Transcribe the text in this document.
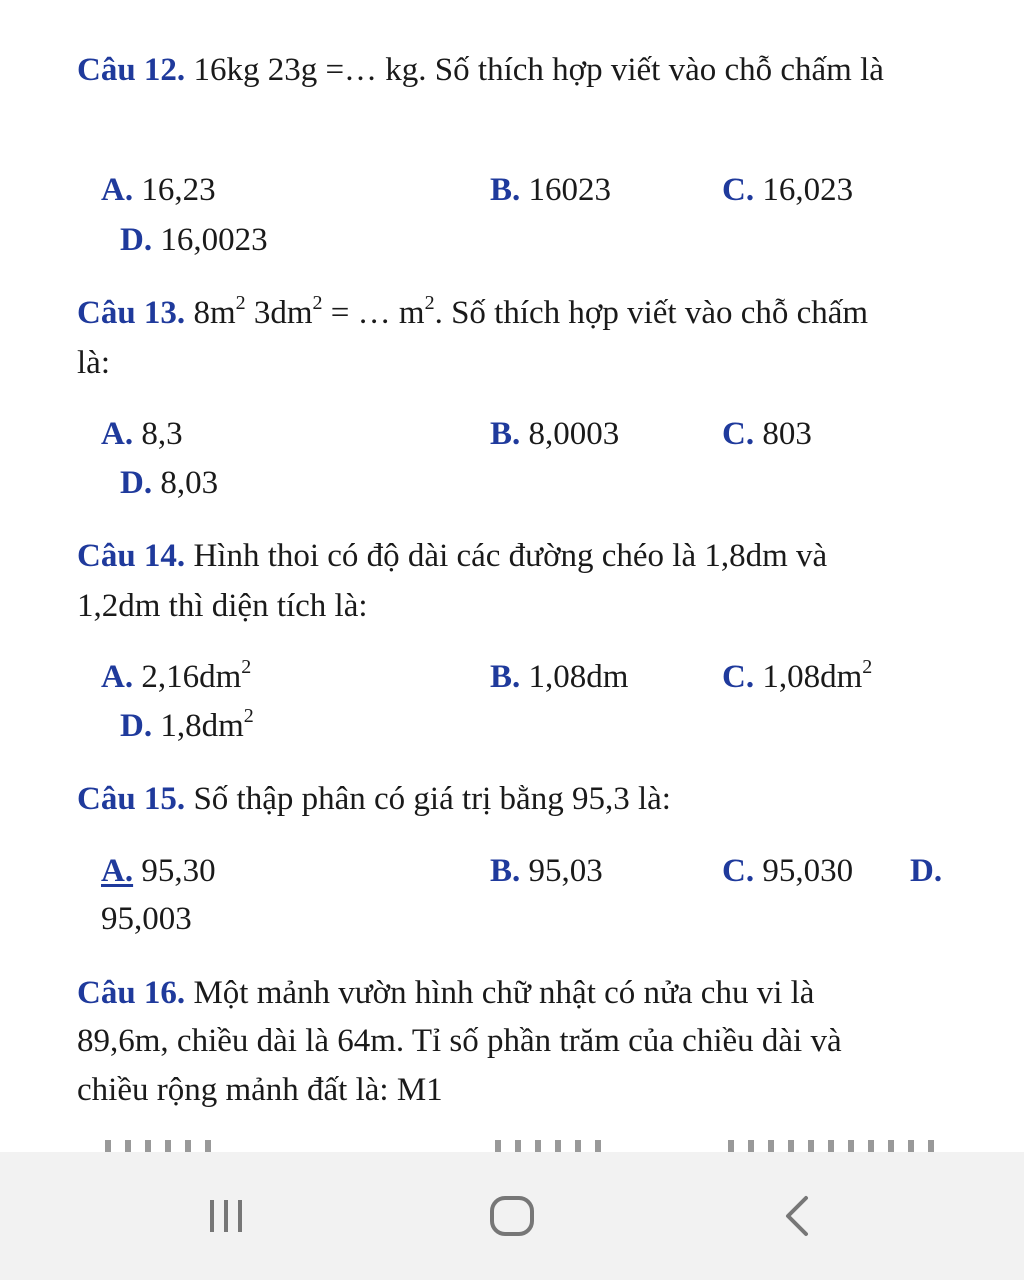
Câu 12. 16kg 23g =… kg. Số thích hợp viết vào chỗ chấm là
A. 16,23	B. 16023	C. 16,023
D. 16,0023
Câu 13. $8m^2$ $3dm^2$ = … $m^2$. Số thích hợp viết vào chỗ chấm
là:
A. 8,3	B. 8,0003	C. 803
D. 8,03
Câu 14. Hình thoi có độ dài các đường chéo là 1,8dm và
1,2dm thì diện tích là:
A. $2,16dm^2$	B. 1,08dm	C. $1,08dm^2$
D. $1,8dm^2$
Câu 15. Số thập phân có giá trị bằng 95,3 là:
A. 95,30	B. 95,03	C. 95,030 D.
95,003
Câu 16. Một mảnh vườn hình chữ nhật có nửa chu vi là
89,6m, chiều dài là 64m. Tỉ số phần trăm của chiều dài và
chiều rộng mảnh đất là: M1
